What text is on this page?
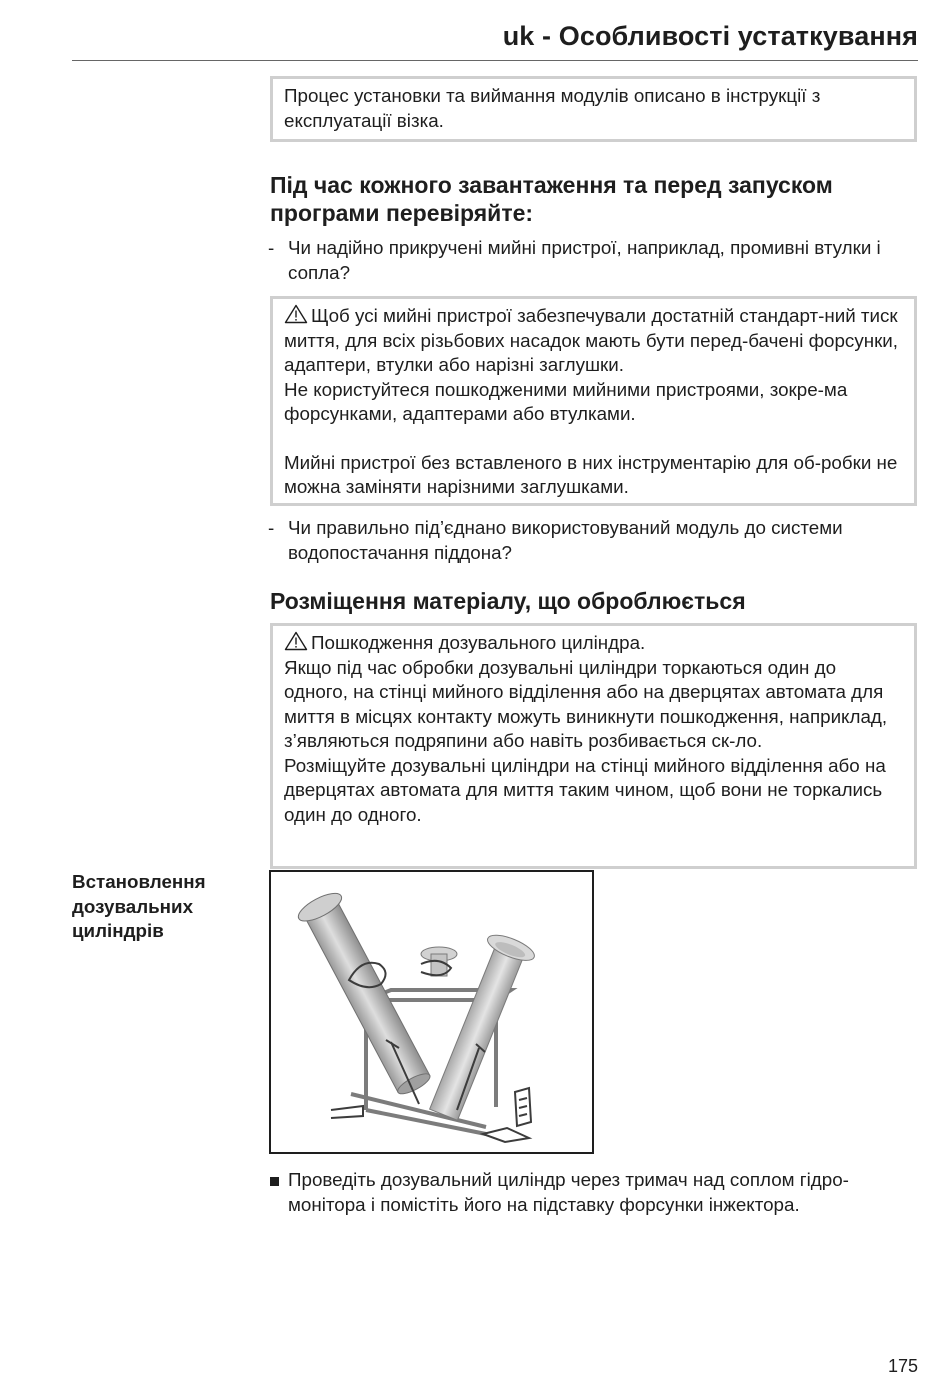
uk - Особливості устаткування

Процес установки та виймання модулів описано в інструкції з експлуатації візка.

Під час кожного завантаження та перед запуском програми перевіряйте:
- Чи надійно прикручені мийні пристрої, наприклад, промивні втулки і сопла?

Щоб усі мийні пристрої забезпечували достатній стандарт-ний тиск миття, для всіх різьбових насадок мають бути перед-бачені форсунки, адаптери, втулки або нарізні заглушки.

Не користуйтеся пошкодженими мийними пристроями, зокре-ма форсунками, адаптерами або втулками.

Мийні пристрої без вставленого в них інструментарію для об-робки не можна заміняти нарізними заглушками.

- Чи правильно під’єднано використовуваний модуль до системи водопостачання піддона?
Розміщення матеріалу, що оброблюється

Пошкодження дозувального циліндра.

Якщо під час обробки дозувальні циліндри торкаються один до одного, на стінці мийного відділення або на дверцятах автомата для миття в місцях контакту можуть виникнути пошкодження, наприклад, з’являються подряпини або навіть розбивається ск-ло.

Розміщуйте дозувальні циліндри на стінці мийного відділення або на дверцятах автомата для миття таким чином, щоб вони не торкались один до одного.

Встановлення
дозувальних
циліндрів

Проведіть дозувальний циліндр через тримач над соплом гідро-монітора і помістіть його на підставку форсунки інжектора.

175
